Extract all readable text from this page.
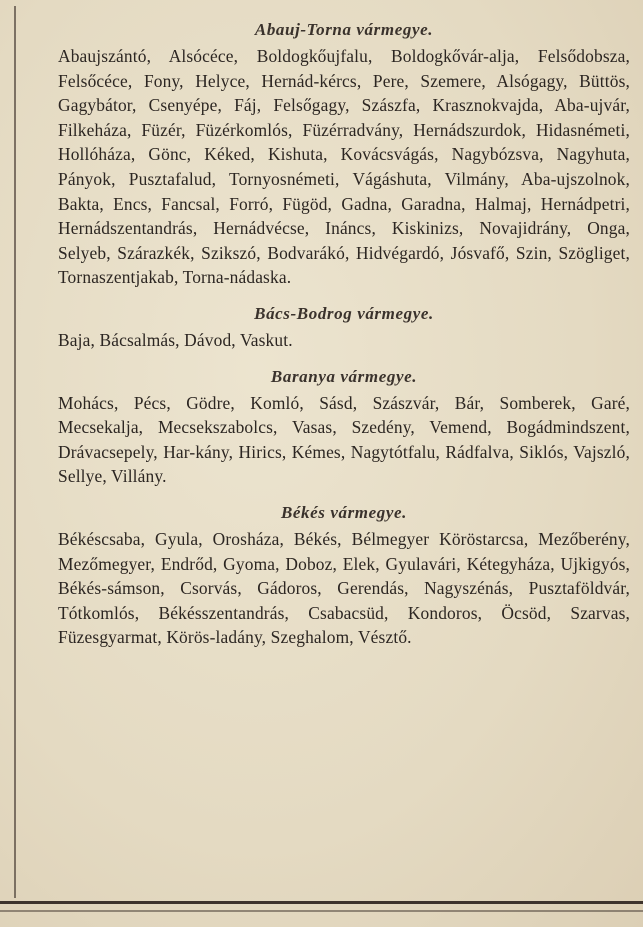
Abauj-Torna vármegye.
Abaujszántó, Alsócéce, Boldogkőujfalu, Boldogkővár-alja, Felsődobsza, Felsőcéce, Fony, Helyce, Hernád-kércs, Pere, Szemere, Alsógagy, Büttös, Gagybátor, Csenyépe, Fáj, Felsőgagy, Szászfa, Krasznokvajda, Aba-ujvár, Filkeháza, Füzér, Füzérkomlós, Füzérradvány, Hernádszurdok, Hidasnémeti, Hollóháza, Gönc, Kéked, Kishuta, Kovácsvágás, Nagybózsva, Nagyhuta, Pányok, Pusztafalud, Tornyosnémeti, Vágáshuta, Vilmány, Aba-ujszolnok, Bakta, Encs, Fancsal, Forró, Fügöd, Gadna, Garadna, Halmaj, Hernádpetri, Hernádszentandrás, Hernádvécse, Ináncs, Kiskinizs, Novajidrány, Onga, Selyeb, Szárazkék, Szikszó, Bodvarákó, Hidvégardó, Jósvafő, Szin, Szögliget, Tornaszentjakab, Torna-nádaska.
Bács-Bodrog vármegye.
Baja, Bácsalmás, Dávod, Vaskut.
Baranya vármegye.
Mohács, Pécs, Gödre, Komló, Sásd, Szászvár, Bár, Somberek, Garé, Mecsekalja, Mecsekszabolcs, Vasas, Szedény, Vemend, Bogádmindszent, Drávacsepely, Har-kány, Hirics, Kémes, Nagytótfalu, Rádfalva, Siklós, Vajszló, Sellye, Villány.
Békés vármegye.
Békéscsaba, Gyula, Orosháza, Békés, Bélmegyer Köröstarcsa, Mezőberény, Mezőmegyer, Endrőd, Gyoma, Doboz, Elek, Gyulavári, Kétegyháza, Ujkigyós, Békés-sámson, Csorvás, Gádoros, Gerendás, Nagyszénás, Pusztaföldvár, Tótkomlós, Békésszentandrás, Csabacsüd, Kondoros, Öcsöd, Szarvas, Füzesgyarmat, Körös-ladány, Szeghalom, Vésztő.
